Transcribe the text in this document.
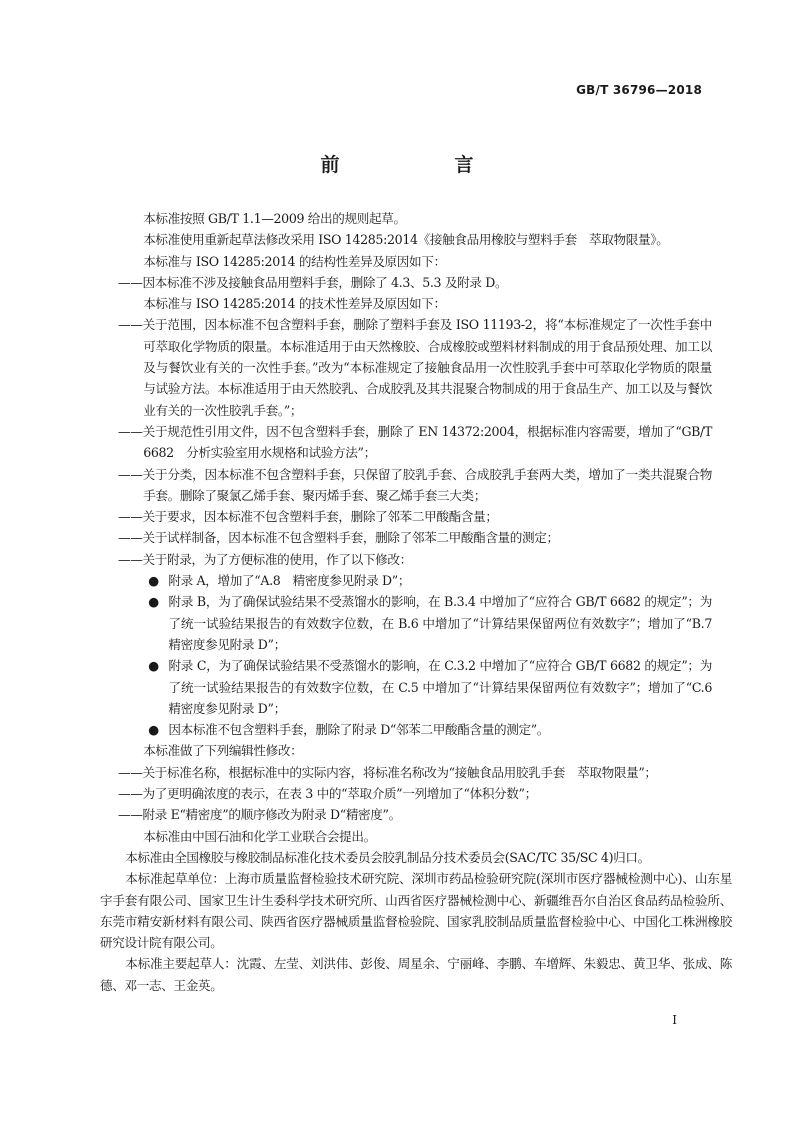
GB/T 36796—2018
前　言

本标准按照 GB/T 1.1—2009 给出的规则起草。

本标准使用重新起草法修改采用 ISO 14285:2014《接触食品用橡胶与塑料手套　萃取物限量》。

本标准与 ISO 14285:2014 的结构性差异及原因如下：

——因本标准不涉及接触食品用塑料手套，删除了 4.3、5.3 及附录 D。

本标准与 ISO 14285:2014 的技术性差异及原因如下：

——关于范围，因本标准不包含塑料手套，删除了塑料手套及 ISO 11193-2，将“本标准规定了一次性手套中可萃取化学物质的限量。本标准适用于由天然橡胶、合成橡胶或塑料材料制成的用于食品预处理、加工以及与餐饮业有关的一次性手套。”改为“本标准规定了接触食品用一次性胶乳手套中可萃取化学物质的限量与试验方法。本标准适用于由天然胶乳、合成胶乳及其共混聚合物制成的用于食品生产、加工以及与餐饮业有关的一次性胶乳手套。”；

——关于规范性引用文件，因不包含塑料手套，删除了 EN 14372:2004，根据标准内容需要，增加了“GB/T 6682　分析实验室用水规格和试验方法”；

——关于分类，因本标准不包含塑料手套，只保留了胶乳手套、合成胶乳手套两大类，增加了一类共混聚合物手套。删除了聚氯乙烯手套、聚丙烯手套、聚乙烯手套三大类；

——关于要求，因本标准不包含塑料手套，删除了邻苯二甲酸酯含量；

——关于试样制备，因本标准不包含塑料手套，删除了邻苯二甲酸酯含量的测定；

——关于附录，为了方便标准的使用，作了以下修改：

● 附录 A，增加了“A.8　精密度参见附录 D”；

● 附录 B，为了确保试验结果不受蒸馏水的影响，在 B.3.4 中增加了“应符合 GB/T 6682 的规定”；为了统一试验结果报告的有效数字位数，在 B.6 中增加了“计算结果保留两位有效数字”；增加了“B.7　精密度参见附录 D”；

● 附录 C，为了确保试验结果不受蒸馏水的影响，在 C.3.2 中增加了“应符合 GB/T 6682 的规定”；为了统一试验结果报告的有效数字位数，在 C.5 中增加了“计算结果保留两位有效数字”；增加了“C.6　精密度参见附录 D”；

● 因本标准不包含塑料手套，删除了附录 D“邻苯二甲酸酯含量的测定”。

本标准做了下列编辑性修改：

——关于标准名称，根据标准中的实际内容，将标准名称改为“接触食品用胶乳手套　萃取物限量”；

——为了更明确浓度的表示，在表 3 中的“萃取介质”一列增加了“体积分数”；

——附录 E“精密度”的顺序修改为附录 D“精密度”。

本标准由中国石油和化学工业联合会提出。

本标准由全国橡胶与橡胶制品标准化技术委员会胶乳制品分技术委员会(SAC/TC 35/SC 4)归口。

本标准起草单位：上海市质量监督检验技术研究院、深圳市药品检验研究院(深圳市医疗器械检测中心)、山东星宇手套有限公司、国家卫生计生委科学技术研究所、山西省医疗器械检测中心、新疆维吾尔自治区食品药品检验所、东莞市精安新材料有限公司、陕西省医疗器械质量监督检验院、国家乳胶制品质量监督检验中心、中国化工株洲橡胶研究设计院有限公司。

本标准主要起草人：沈霞、左莹、刘洪伟、彭俊、周星余、宁丽峰、李鹏、车增辉、朱毅忠、黄卫华、张成、陈德、邓一志、王金英。

I
